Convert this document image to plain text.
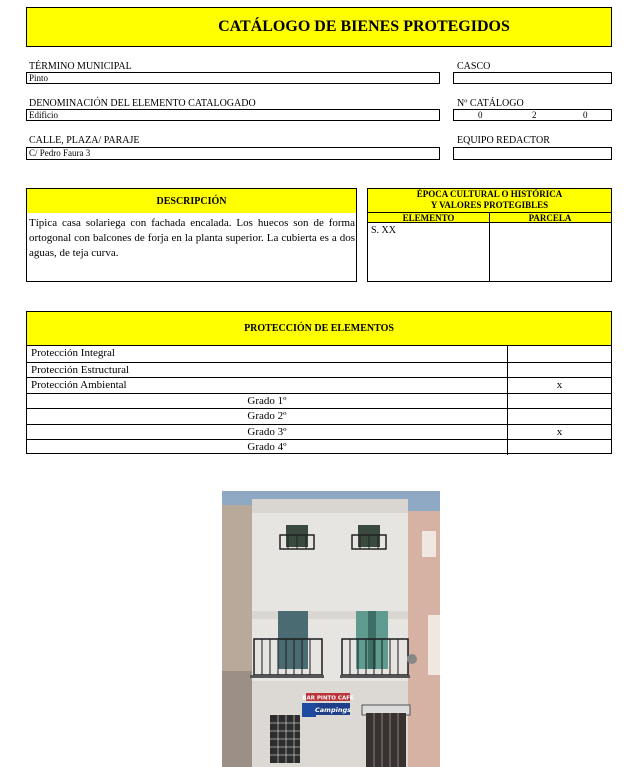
CATÁLOGO DE BIENES PROTEGIDOS
TÉRMINO MUNICIPAL
Pinto
CASCO
DENOMINACIÓN DEL ELEMENTO CATALOGADO
Edificio
Nº CATÁLOGO
0	2	0
CALLE, PLAZA/ PARAJE
C/ Pedro Faura 3
EQUIPO REDACTOR
DESCRIPCIÓN
Típica casa solariega con fachada encalada. Los huecos son de forma ortogonal con balcones de forja en la planta superior. La cubierta es a dos aguas, de teja curva.
ÉPOCA CULTURAL O HISTÓRICA
Y VALORES PROTEGIBLES
ELEMENTO	PARCELA
S. XX
PROTECCIÓN DE ELEMENTOS
Protección Integral
Protección Estructural
Protección Ambiental	x
Grado 1º
Grado 2º
Grado 3º	x
Grado 4º
BAR PINTO CAFE
Campings
